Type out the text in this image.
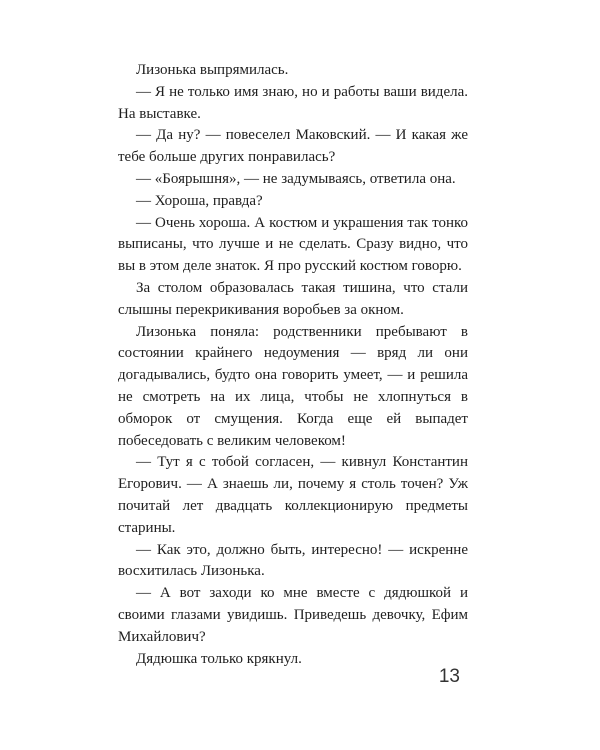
Лизонька выпрямилась.

— Я не только имя знаю, но и работы ваши видела. На выставке.

— Да ну? — повеселел Маковский. — И какая же тебе больше других понравилась?

— «Боярышня», — не задумываясь, ответила она.

— Хороша, правда?

— Очень хороша. А костюм и украшения так тонко выписаны, что лучше и не сделать. Сразу видно, что вы в этом деле знаток. Я про русский костюм говорю.

За столом образовалась такая тишина, что стали слышны перекрикивания воробьев за окном.

Лизонька поняла: родственники пребывают в состоянии крайнего недоумения — вряд ли они догадывались, будто она говорить умеет, — и решила не смотреть на их лица, чтобы не хлопнуться в обморок от смущения. Когда еще ей выпадет побеседовать с великим человеком!

— Тут я с тобой согласен, — кивнул Константин Егорович. — А знаешь ли, почему я столь точен? Уж почитай лет двадцать коллекционирую предметы старины.

— Как это, должно быть, интересно! — искренне восхитилась Лизонька.

— А вот заходи ко мне вместе с дядюшкой и своими глазами увидишь. Приведешь девочку, Ефим Михайлович?

Дядюшка только крякнул.

13
